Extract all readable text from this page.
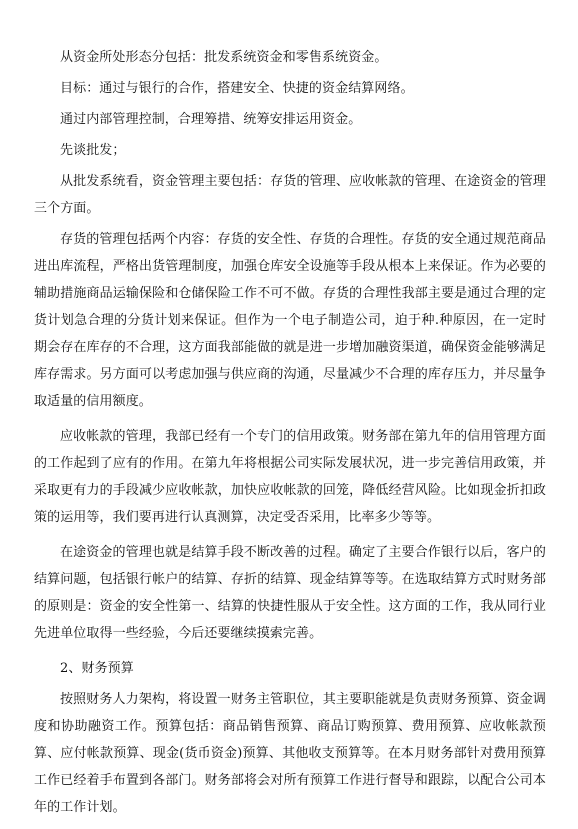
从资金所处形态分包括：批发系统资金和零售系统资金。

目标：通过与银行的合作，搭建安全、快捷的资金结算网络。

通过内部管理控制，合理筹措、统筹安排运用资金。

先谈批发；

从批发系统看，资金管理主要包括：存货的管理、应收帐款的管理、在途资金的管理三个方面。

存货的管理包括两个内容：存货的安全性、存货的合理性。存货的安全通过规范商品进出库流程，严格出货管理制度，加强仓库安全设施等手段从根本上来保证。作为必要的辅助措施商品运输保险和仓储保险工作不可不做。存货的合理性我部主要是通过合理的定货计划急合理的分货计划来保证。但作为一个电子制造公司，迫于种.种原因，在一定时期会存在库存的不合理，这方面我部能做的就是进一步增加融资渠道，确保资金能够满足库存需求。另方面可以考虑加强与供应商的沟通，尽量减少不合理的库存压力，并尽量争取适量的信用额度。

应收帐款的管理，我部已经有一个专门的信用政策。财务部在第九年的信用管理方面的工作起到了应有的作用。在第九年将根据公司实际发展状况，进一步完善信用政策，并采取更有力的手段减少应收帐款，加快应收帐款的回笼，降低经营风险。比如现金折扣政策的运用等，我们要再进行认真测算，决定受否采用，比率多少等等。

在途资金的管理也就是结算手段不断改善的过程。确定了主要合作银行以后，客户的结算问题，包括银行帐户的结算、存折的结算、现金结算等等。在选取结算方式时财务部的原则是：资金的安全性第一、结算的快捷性服从于安全性。这方面的工作，我从同行业先进单位取得一些经验，今后还要继续摸索完善。

2、财务预算

按照财务人力架构，将设置一财务主管职位，其主要职能就是负责财务预算、资金调度和协助融资工作。预算包括：商品销售预算、商品订购预算、费用预算、应收帐款预算、应付帐款预算、现金(货币资金)预算、其他收支预算等。在本月财务部针对费用预算工作已经着手布置到各部门。财务部将会对所有预算工作进行督导和跟踪，以配合公司本年的工作计划。
